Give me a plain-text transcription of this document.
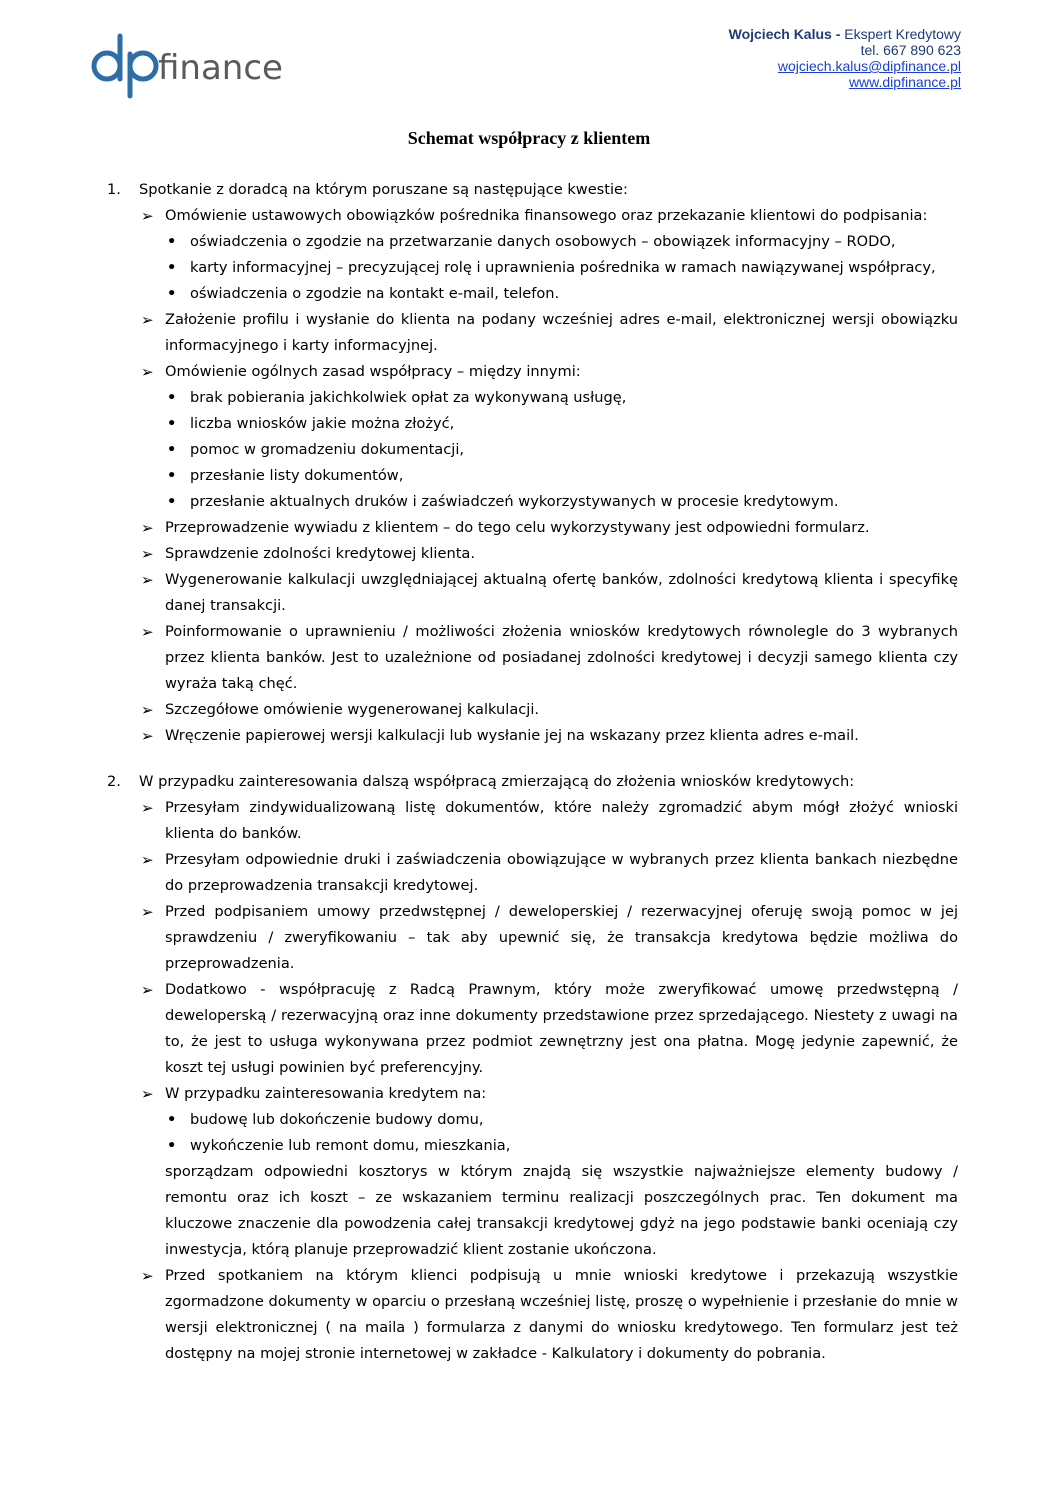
finance
Wojciech Kalus - Ekspert Kredytowy
tel. 667 890 623
wojciech.kalus@dipfinance.pl
www.dipfinance.pl
Schemat współpracy z klientem
1.	Spotkanie z doradcą na którym poruszane są następujące kwestie:
➢ Omówienie ustawowych obowiązków pośrednika finansowego oraz przekazanie klientowi do podpisania:
• oświadczenia o zgodzie na przetwarzanie danych osobowych – obowiązek informacyjny – RODO,
• karty informacyjnej – precyzującej rolę i uprawnienia pośrednika w ramach nawiązywanej współpracy,
• oświadczenia o zgodzie na kontakt e-mail, telefon.
➢ Założenie profilu i wysłanie do klienta na podany wcześniej adres e-mail, elektronicznej wersji obowiązku informacyjnego i karty informacyjnej.
➢ Omówienie ogólnych zasad współpracy – między innymi:
• brak pobierania jakichkolwiek opłat za wykonywaną usługę,
• liczba wniosków jakie można złożyć,
• pomoc w gromadzeniu dokumentacji,
• przesłanie listy dokumentów,
• przesłanie aktualnych druków i zaświadczeń wykorzystywanych w procesie kredytowym.
➢ Przeprowadzenie wywiadu z klientem – do tego celu wykorzystywany jest odpowiedni formularz.
➢ Sprawdzenie zdolności kredytowej klienta.
➢ Wygenerowanie kalkulacji uwzględniającej aktualną ofertę banków, zdolności kredytową klienta i specyfikę danej transakcji.
➢ Poinformowanie o uprawnieniu / możliwości złożenia wniosków kredytowych równolegle do 3 wybranych przez klienta banków. Jest to uzależnione od posiadanej zdolności kredytowej i decyzji samego klienta czy wyraża taką chęć.
➢ Szczegółowe omówienie wygenerowanej kalkulacji.
➢ Wręczenie papierowej wersji kalkulacji lub wysłanie jej na wskazany przez klienta adres e-mail.
2.	W przypadku zainteresowania dalszą współpracą zmierzającą do złożenia wniosków kredytowych:
➢ Przesyłam zindywidualizowaną listę dokumentów, które należy zgromadzić abym mógł złożyć wnioski klienta do banków.
➢ Przesyłam odpowiednie druki i zaświadczenia obowiązujące w wybranych przez klienta bankach niezbędne do przeprowadzenia transakcji kredytowej.
➢ Przed podpisaniem umowy przedwstępnej / deweloperskiej / rezerwacyjnej oferuję swoją pomoc w jej sprawdzeniu / zweryfikowaniu – tak aby upewnić się, że transakcja kredytowa będzie możliwa do przeprowadzenia.
➢ Dodatkowo - współpracuję z Radcą Prawnym, który może zweryfikować umowę przedwstępną / deweloperską / rezerwacyjną oraz inne dokumenty przedstawione przez sprzedającego. Niestety z uwagi na to, że jest to usługa wykonywana przez podmiot zewnętrzny jest ona płatna. Mogę jedynie zapewnić, że koszt tej usługi powinien być preferencyjny.
➢ W przypadku zainteresowania kredytem na:
• budowę lub dokończenie budowy domu,
• wykończenie lub remont domu, mieszkania,
sporządzam odpowiedni kosztorys w którym znajdą się wszystkie najważniejsze elementy budowy / remontu oraz ich koszt – ze wskazaniem terminu realizacji poszczególnych prac. Ten dokument ma kluczowe znaczenie dla powodzenia całej transakcji kredytowej gdyż na jego podstawie banki oceniają czy inwestycja, którą planuje przeprowadzić klient zostanie ukończona.
➢ Przed spotkaniem na którym klienci podpisują u mnie wnioski kredytowe i przekazują wszystkie zgormadzone dokumenty w oparciu o przesłaną wcześniej listę, proszę o wypełnienie i przesłanie do mnie w wersji elektronicznej ( na maila ) formularza z danymi do wniosku kredytowego. Ten formularz jest też dostępny na mojej stronie internetowej w zakładce - Kalkulatory i dokumenty do pobrania.
